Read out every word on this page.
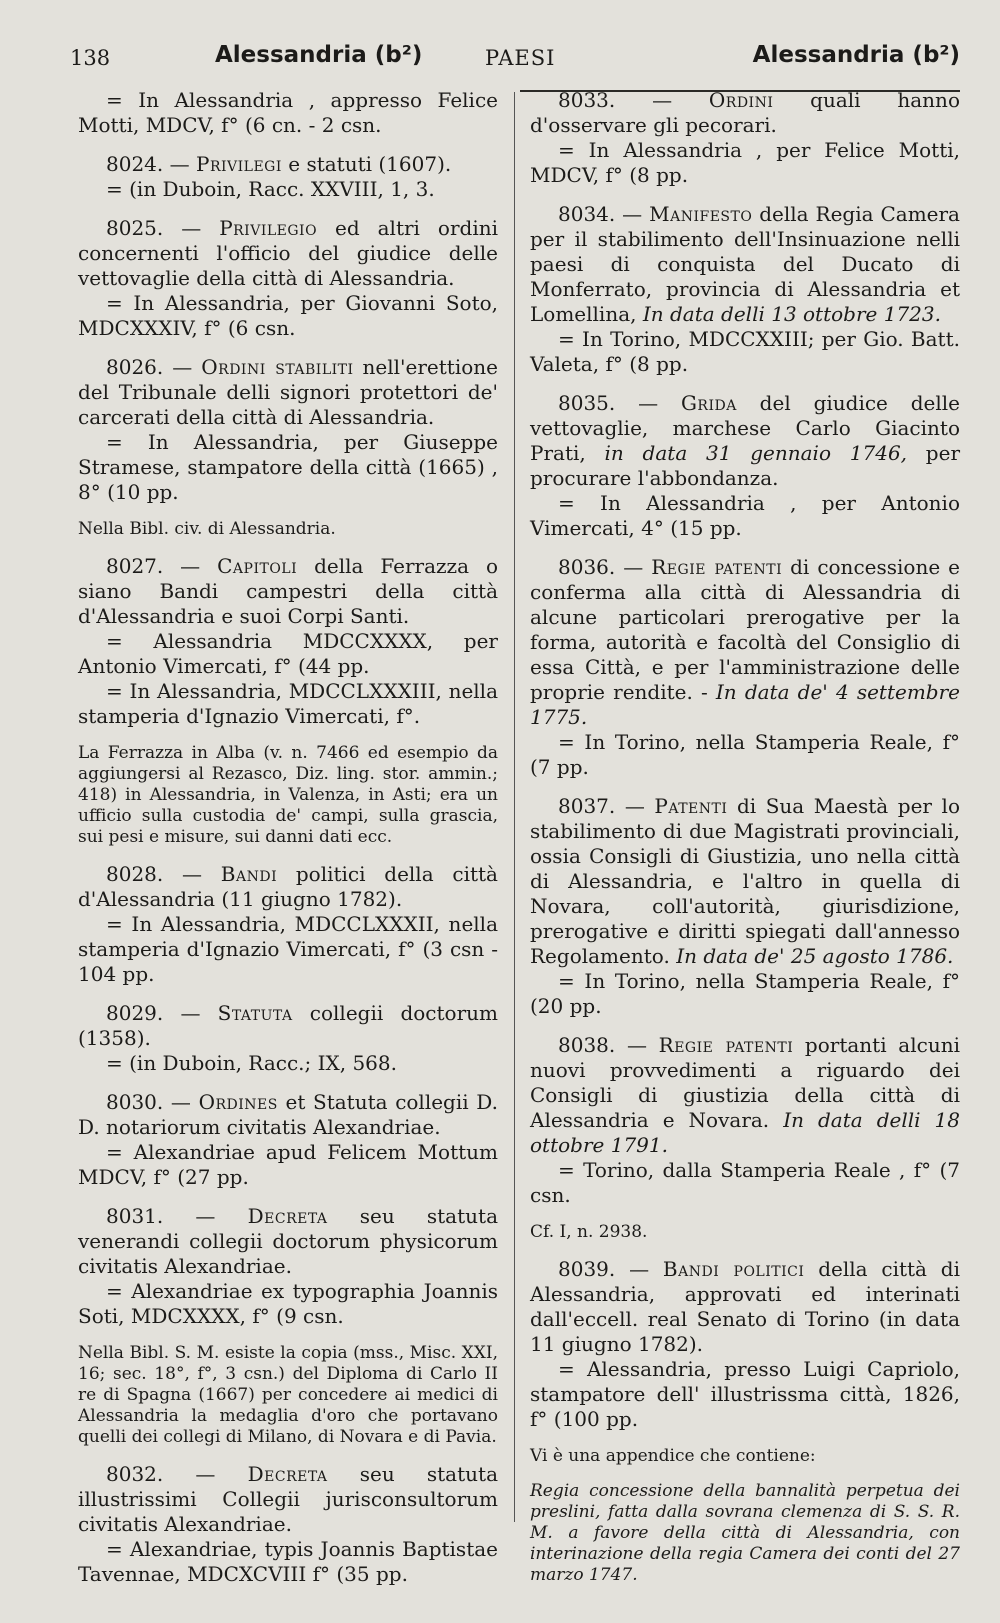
138	Alessandria (b²)	PAESI	Alessandria (b²)

= In Alessandria , appresso Felice Motti, MDCV, f° (6 cn. - 2 csn.

8024. — Privilegi e statuti (1607).

= (in Duboin, Racc. XXVIII, 1, 3.

8025. — Privilegio ed altri ordini concernenti l'officio del giudice delle vettovaglie della città di Alessandria.

= In Alessandria, per Giovanni Soto, MDCXXXIV, f° (6 csn.

8026. — Ordini stabiliti nell'erettione del Tribunale delli signori protettori de' carcerati della città di Alessandria.

= In Alessandria, per Giuseppe Stramese, stampatore della città (1665) , 8° (10 pp.

Nella Bibl. civ. di Alessandria.

8027. — Capitoli della Ferrazza o siano Bandi campestri della città d'Alessandria e suoi Corpi Santi.

= Alessandria MDCCXXXX, per Antonio Vimercati, f° (44 pp.

= In Alessandria, MDCCLXXXIII, nella stamperia d'Ignazio Vimercati, f°.

La Ferrazza in Alba (v. n. 7466 ed esempio da aggiungersi al Rezasco, Diz. ling. stor. ammin.; 418) in Alessandria, in Valenza, in Asti; era un ufficio sulla custodia de' campi, sulla grascia, sui pesi e misure, sui danni dati ecc.

8028. — Bandi politici della città d'Alessandria (11 giugno 1782).

= In Alessandria, MDCCLXXXII, nella stamperia d'Ignazio Vimercati, f° (3 csn - 104 pp.

8029. — Statuta collegii doctorum (1358).

= (in Duboin, Racc.; IX, 568.

8030. — Ordines et Statuta collegii D. D. notariorum civitatis Alexandriae.

= Alexandriae apud Felicem Mottum MDCV, f° (27 pp.

8031. — Decreta seu statuta venerandi collegii doctorum physicorum civitatis Alexandriae.

= Alexandriae ex typographia Joannis Soti, MDCXXXX, f° (9 csn.

Nella Bibl. S. M. esiste la copia (mss., Misc. XXI, 16; sec. 18°, f°, 3 csn.) del Diploma di Carlo II re di Spagna (1667) per concedere ai medici di Alessandria la medaglia d'oro che portavano quelli dei collegi di Milano, di Novara e di Pavia.

8032. — Decreta seu statuta illustrissimi Collegii jurisconsultorum civitatis Alexandriae.

= Alexandriae, typis Joannis Baptistae Tavennae, MDCXCVIII f° (35 pp.

8033. — Ordini quali hanno d'osservare gli pecorari.

= In Alessandria , per Felice Motti, MDCV, f° (8 pp.

8034. — Manifesto della Regia Camera per il stabilimento dell'Insinuazione nelli paesi di conquista del Ducato di Monferrato, provincia di Alessandria et Lomellina, In data delli 13 ottobre 1723.

= In Torino, MDCCXXIII; per Gio. Batt. Valeta, f° (8 pp.

8035. — Grida del giudice delle vettovaglie, marchese Carlo Giacinto Prati, in data 31 gennaio 1746, per procurare l'abbondanza.

= In Alessandria , per Antonio Vimercati, 4° (15 pp.

8036. — Regie patenti di concessione e conferma alla città di Alessandria di alcune particolari prerogative per la forma, autorità e facoltà del Consiglio di essa Città, e per l'amministrazione delle proprie rendite. - In data de' 4 settembre 1775.

= In Torino, nella Stamperia Reale, f° (7 pp.

8037. — Patenti di Sua Maestà per lo stabilimento di due Magistrati provinciali, ossia Consigli di Giustizia, uno nella città di Alessandria, e l'altro in quella di Novara, coll'autorità, giurisdizione, prerogative e diritti spiegati dall'annesso Regolamento. In data de' 25 agosto 1786.

= In Torino, nella Stamperia Reale, f° (20 pp.

8038. — Regie patenti portanti alcuni nuovi provvedimenti a riguardo dei Consigli di giustizia della città di Alessandria e Novara. In data delli 18 ottobre 1791.

= Torino, dalla Stamperia Reale , f° (7 csn.

Cf. I, n. 2938.

8039. — Bandi politici della città di Alessandria, approvati ed interinati dall'eccell. real Senato di Torino (in data 11 giugno 1782).

= Alessandria, presso Luigi Capriolo, stampatore dell' illustrissma città, 1826, f° (100 pp.

Vi è una appendice che contiene:

Regia concessione della bannalità perpetua dei preslini, fatta dalla sovrana clemenza di S. S. R. M. a favore della città di Alessandria, con interinazione della regia Camera dei conti del 27 marzo 1747.
